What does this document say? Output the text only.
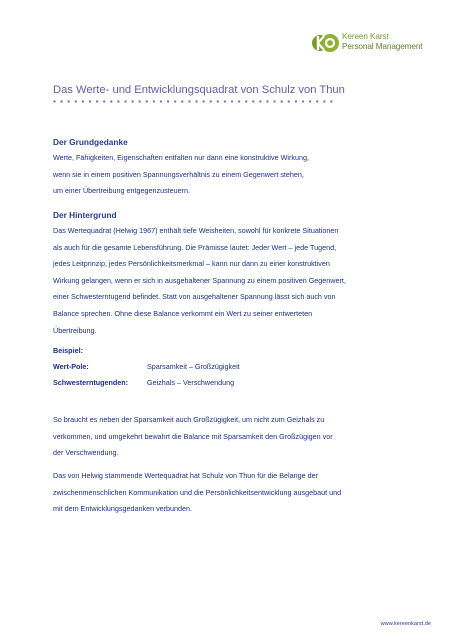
Kereen Karst
Personal Management
Das Werte- und Entwicklungsquadrat von Schulz von Thun
Der Grundgedanke
Werte, Fähigkeiten, Eigenschaften entfalten nur dann eine konstruktive Wirkung,
wenn sie in einem positiven Spannungsverhältnis zu einem Gegenwert stehen,
um einer Übertreibung entgegenzusteuern.
Der Hintergrund
Das Wertequadrat (Helwig 1967) enthält tiefe Weisheiten, sowohl für konkrete Situationen
als auch für die gesamte Lebensführung. Die Prämisse lautet: Jeder Wert – jede Tugend,
jedes Leitprinzip, jedes Persönlichkeitsmerkmal – kann nur dann zu einer konstruktiven
Wirkung gelangen, wenn er sich in ausgehaltener Spannung zu einem positiven Gegenwert,
einer Schwesterntugend befindet. Statt von ausgehaltener Spannung lässt sich auch von
Balance sprechen. Ohne diese Balance verkommt ein Wert zu seiner entwerteten
Übertreibung.
Beispiel:
Wert-Pole:	Sparsamkeit – Großzügigkeit
Schwesterntugenden:	Geizhals – Verschwendung
So braucht es neben der Sparsamkeit auch Großzügigkeit, um nicht zum Geizhals zu
verkommen, und umgekehrt bewahrt die Balance mit Sparsamkeit den Großzügigen vor
der Verschwendung.
Das von Helwig stammende Wertequadrat hat Schulz von Thun für die Belange der
zwischenmenschlichen Kommunikation und die Persönlichkeitsentwicklung ausgebaut und
mit dem Entwicklungsgedanken verbunden.
www.kereenkarst.de
